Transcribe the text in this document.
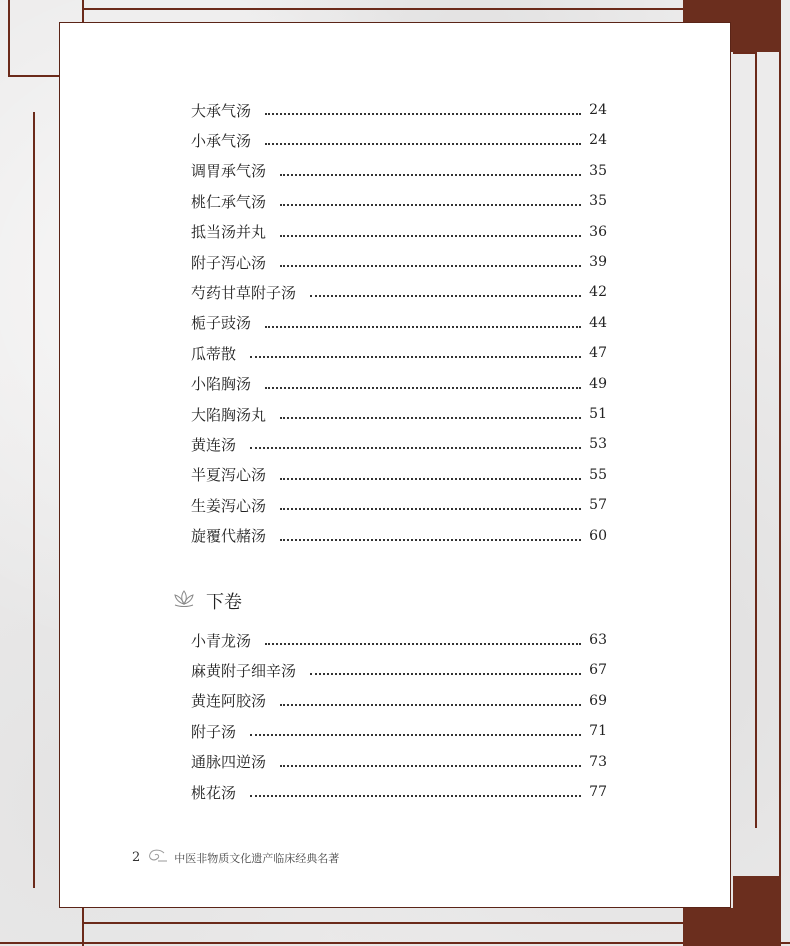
大承气汤	24
小承气汤	24
调胃承气汤	35
桃仁承气汤	35
抵当汤并丸	36
附子泻心汤	39
芍药甘草附子汤	42
栀子豉汤	44
瓜蒂散	47
小陷胸汤	49
大陷胸汤丸	51
黄连汤	53
半夏泻心汤	55
生姜泻心汤	57
旋覆代赭汤	60
小青龙汤	63
麻黄附子细辛汤	67
黄连阿胶汤	69
附子汤	71
通脉四逆汤	73
桃花汤	77
下卷
2	中医非物质文化遗产临床经典名著
